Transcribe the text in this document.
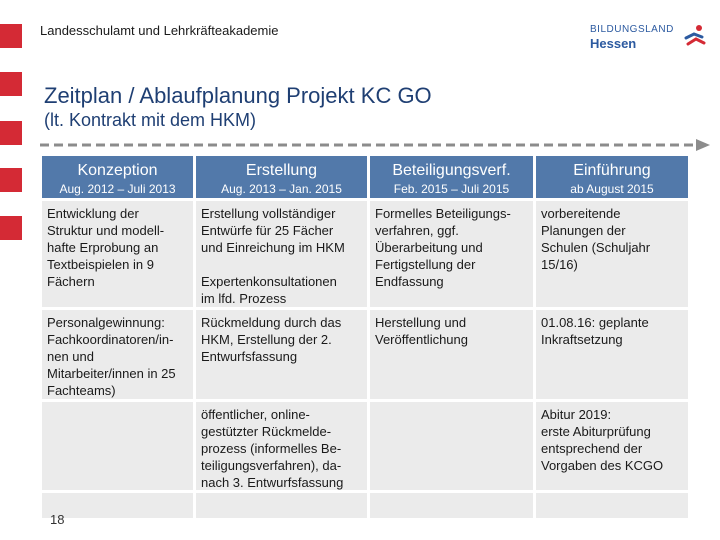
Landesschulamt und Lehrkräfteakademie	BILDUNGSLAND
Hessen
Zeitplan / Ablaufplanung Projekt KC GO
(lt. Kontrakt mit dem HKM)
Konzeption
Aug. 2012 – Juli 2013
Erstellung
Aug. 2013 – Jan. 2015
Beteiligungsverf.
Feb. 2015 – Juli 2015
Einführung
ab August 2015
Entwicklung der
Struktur und modell-
hafte Erprobung an
Textbeispielen in 9
Fächern
Erstellung vollständiger
Entwürfe für 25 Fächer
und Einreichung im HKM
Expertenkonsultationen
im lfd. Prozess
Formelles Beteiligungs-
verfahren, ggf.
Überarbeitung und
Fertigstellung der
Endfassung
vorbereitende
Planungen der
Schulen (Schuljahr
15/16)
Personalgewinnung:
Fachkoordinatoren/in-
nen und
Mitarbeiter/innen in 25
Fachteams)
Rückmeldung durch das
HKM, Erstellung der 2.
Entwurfsfassung
Herstellung und
Veröffentlichung
01.08.16: geplante
Inkraftsetzung
öffentlicher, online-
gestützter Rückmelde-
prozess (informelles Be-
teiligungsverfahren), da-
nach 3. Entwurfsfassung
Abitur 2019:
erste Abiturprüfung
entsprechend der
Vorgaben des KCGO
18
